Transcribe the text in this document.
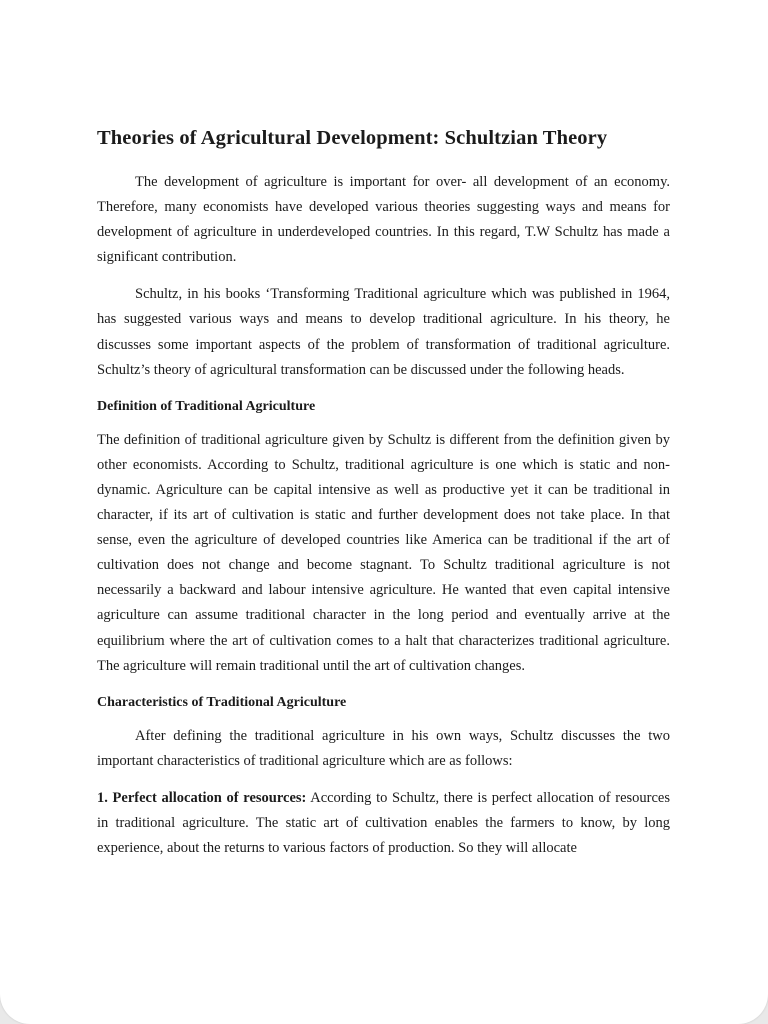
Theories of Agricultural Development: Schultzian Theory

The development of agriculture is important for over- all development of an economy. Therefore, many economists have developed various theories suggesting ways and means for development of agriculture in underdeveloped countries. In this regard, T.W Schultz has made a significant contribution.

Schultz, in his books ‘Transforming Traditional agriculture which was published in 1964, has suggested various ways and means to develop traditional agriculture. In his theory, he discusses some important aspects of the problem of transformation of traditional agriculture. Schultz’s theory of agricultural transformation can be discussed under the following heads.

Definition of Traditional Agriculture

The definition of traditional agriculture given by Schultz is different from the definition given by other economists. According to Schultz, traditional agriculture is one which is static and non-dynamic. Agriculture can be capital intensive as well as productive yet it can be traditional in character, if its art of cultivation is static and further development does not take place. In that sense, even the agriculture of developed countries like America can be traditional if the art of cultivation does not change and become stagnant. To Schultz traditional agriculture is not necessarily a backward and labour intensive agriculture. He wanted that even capital intensive agriculture can assume traditional character in the long period and eventually arrive at the equilibrium where the art of cultivation comes to a halt that characterizes traditional agriculture. The agriculture will remain traditional until the art of cultivation changes.

Characteristics of Traditional Agriculture

After defining the traditional agriculture in his own ways, Schultz discusses the two important characteristics of traditional agriculture which are as follows:

1. Perfect allocation of resources: According to Schultz, there is perfect allocation of resources in traditional agriculture. The static art of cultivation enables the farmers to know, by long experience, about the returns to various factors of production. So they will allocate
